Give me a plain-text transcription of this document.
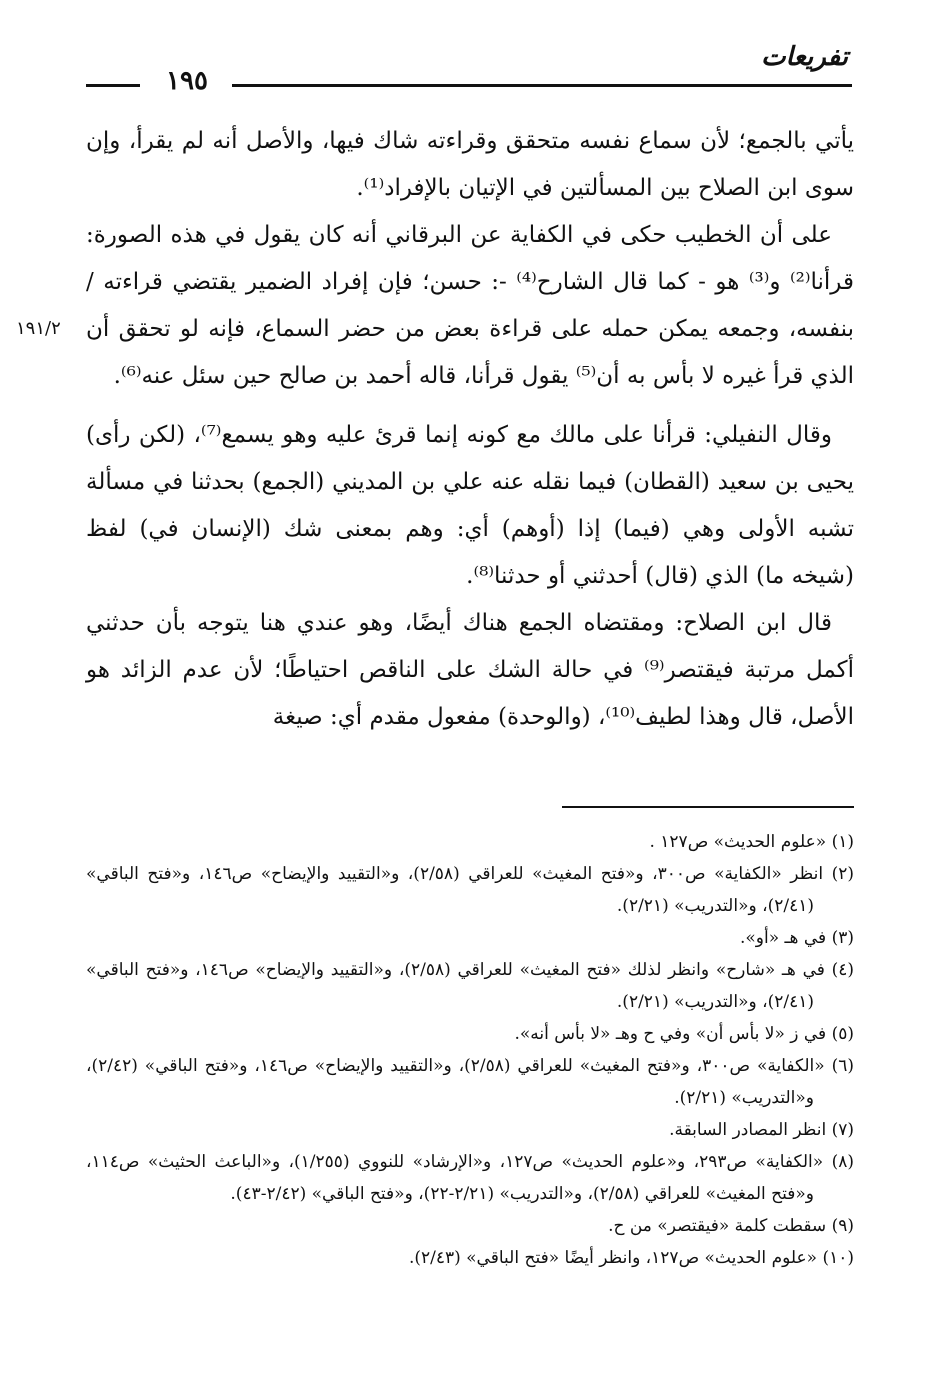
تفريعات
١٩٥
١٩١/٢

يأتي بالجمع؛ لأن سماع نفسه متحقق وقراءته شاك فيها، والأصل أنه لم يقرأ، وإن سوى ابن الصلاح بين المسألتين في الإتيان بالإفراد⁽¹⁾.

على أن الخطيب حكى في الكفاية عن البرقاني أنه كان يقول في هذه الصورة: قرأنا⁽²⁾ و⁽³⁾ هو - كما قال الشارح⁽⁴⁾ -: حسن؛ فإن إفراد الضمير يقتضي قراءته /بنفسه، وجمعه يمكن حمله على قراءة بعض من حضر السماع، فإنه لو تحقق أن الذي قرأ غيره لا بأس به أن⁽⁵⁾ يقول قرأنا، قاله أحمد بن صالح حين سئل عنه⁽⁶⁾.

وقال النفيلي: قرأنا على مالك مع كونه إنما قرئ عليه وهو يسمع⁽⁷⁾، (لكن رأى) يحيى بن سعيد (القطان) فيما نقله عنه علي بن المديني (الجمع) بحدثنا في مسألة تشبه الأولى وهي (فيما) إذا (أوهم) أي: وهم بمعنى شك (الإنسان في) لفظ (شيخه ما) الذي (قال) أحدثني أو حدثنا⁽⁸⁾.

قال ابن الصلاح: ومقتضاه الجمع هناك أيضًا، وهو عندي هنا يتوجه بأن حدثني أكمل مرتبة فيقتصر⁽⁹⁾ في حالة الشك على الناقص احتياطًا؛ لأن عدم الزائد هو الأصل، قال وهذا لطيف⁽¹⁰⁾، (والوحدة) مفعول مقدم أي: صيغة

(١) «علوم الحديث» ص١٢٧ .
(٢) انظر «الكفاية» ص٣٠٠، و«فتح المغيث» للعراقي (٢/٥٨)، و«التقييد والإيضاح» ص١٤٦، و«فتح الباقي» (٢/٤١)، و«التدريب» (٢/٢١).
(٣) في هـ «أو».
(٤) في هـ «شارح» وانظر لذلك «فتح المغيث» للعراقي (٢/٥٨)، و«التقييد والإيضاح» ص١٤٦، و«فتح الباقي» (٢/٤١)، و«التدريب» (٢/٢١).
(٥) في ز «لا بأس أن» وفي ح وهـ «لا بأس أنه».
(٦) «الكفاية» ص٣٠٠، و«فتح المغيث» للعراقي (٢/٥٨)، و«التقييد والإيضاح» ص١٤٦، و«فتح الباقي» (٢/٤٢)، و«التدريب» (٢/٢١).
(٧) انظر المصادر السابقة.
(٨) «الكفاية» ص٢٩٣، و«علوم الحديث» ص١٢٧، و«الإرشاد» للنووي (١/٢٥٥)، و«الباعث الحثيث» ص١١٤، و«فتح المغيث» للعراقي (٢/٥٨)، و«التدريب» (٢/٢١-٢٢)، و«فتح الباقي» (٢/٤٢-٤٣).
(٩) سقطت كلمة «فيقتصر» من ح.
(١٠) «علوم الحديث» ص١٢٧، وانظر أيضًا «فتح الباقي» (٢/٤٣).
